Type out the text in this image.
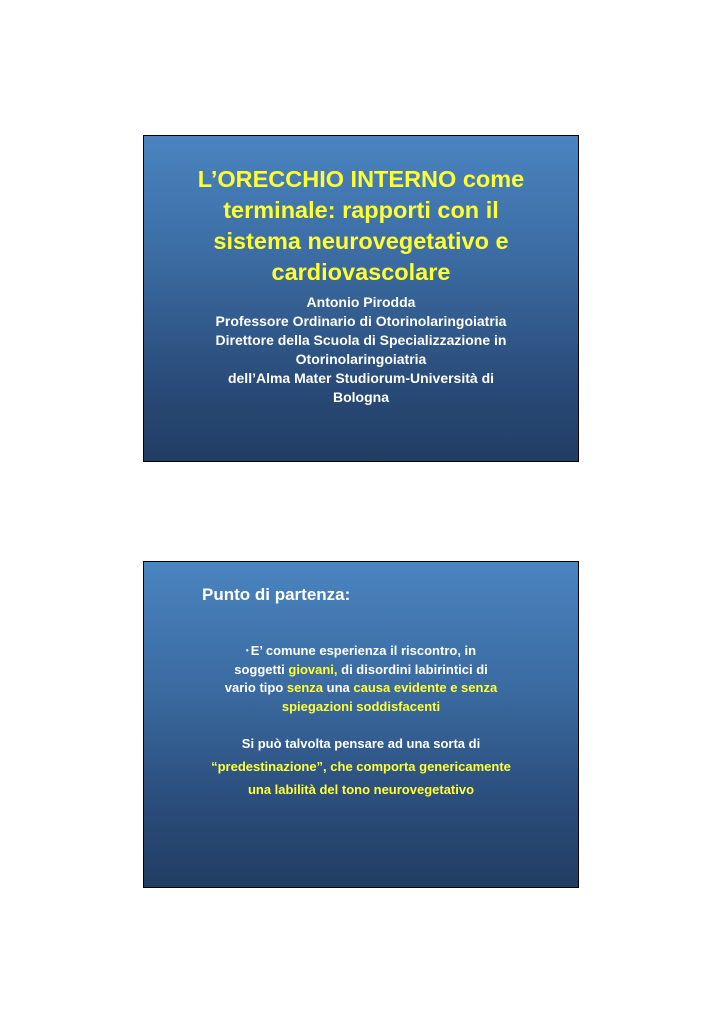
L’ORECCHIO INTERNO come
terminale: rapporti con il
sistema neurovegetativo e
cardiovascolare
Antonio Pirodda
Professore Ordinario di Otorinolaringoiatria
Direttore della Scuola di Specializzazione in
Otorinolaringoiatria
dell’Alma Mater Studiorum-Università di
Bologna
Punto di partenza:
• E’ comune esperienza il riscontro, in
soggetti giovani, di disordini labirintici di
vario tipo senza una causa evidente e senza
spiegazioni soddisfacenti
Si può talvolta pensare ad una sorta di
“predestinazione”, che comporta genericamente
una labilità del tono neurovegetativo
